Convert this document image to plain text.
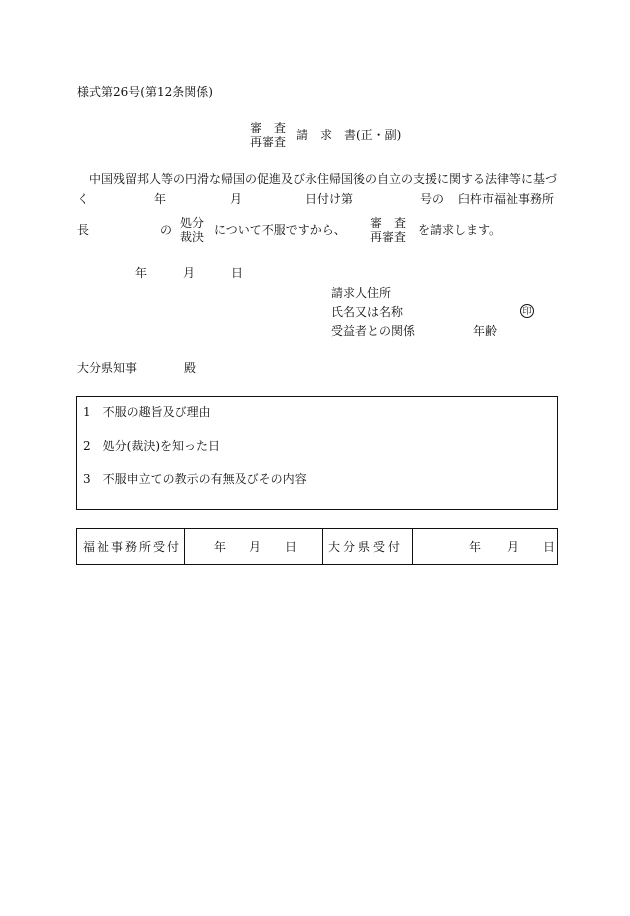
様式第26号(第12条関係)
審　査
再審査 請　求　書(正・副)
中国残留邦人等の円滑な帰国の促進及び永住帰国後の自立の支援に関する法律等に基づ
く	年	月	日付け第	号の 臼杵市福祉事務所
長	の 処分
裁決 について不服ですから、 審　査
再審査 を請求します。
年	月	日
請求人住所
氏名又は名称	印
受益者との関係	年齢
大分県知事	殿
1　不服の趣旨及び理由
2　処分(裁決)を知った日
3　不服申立ての教示の有無及びその内容
福祉事務所受付	年 月 日	大分県受付	年 月 日
